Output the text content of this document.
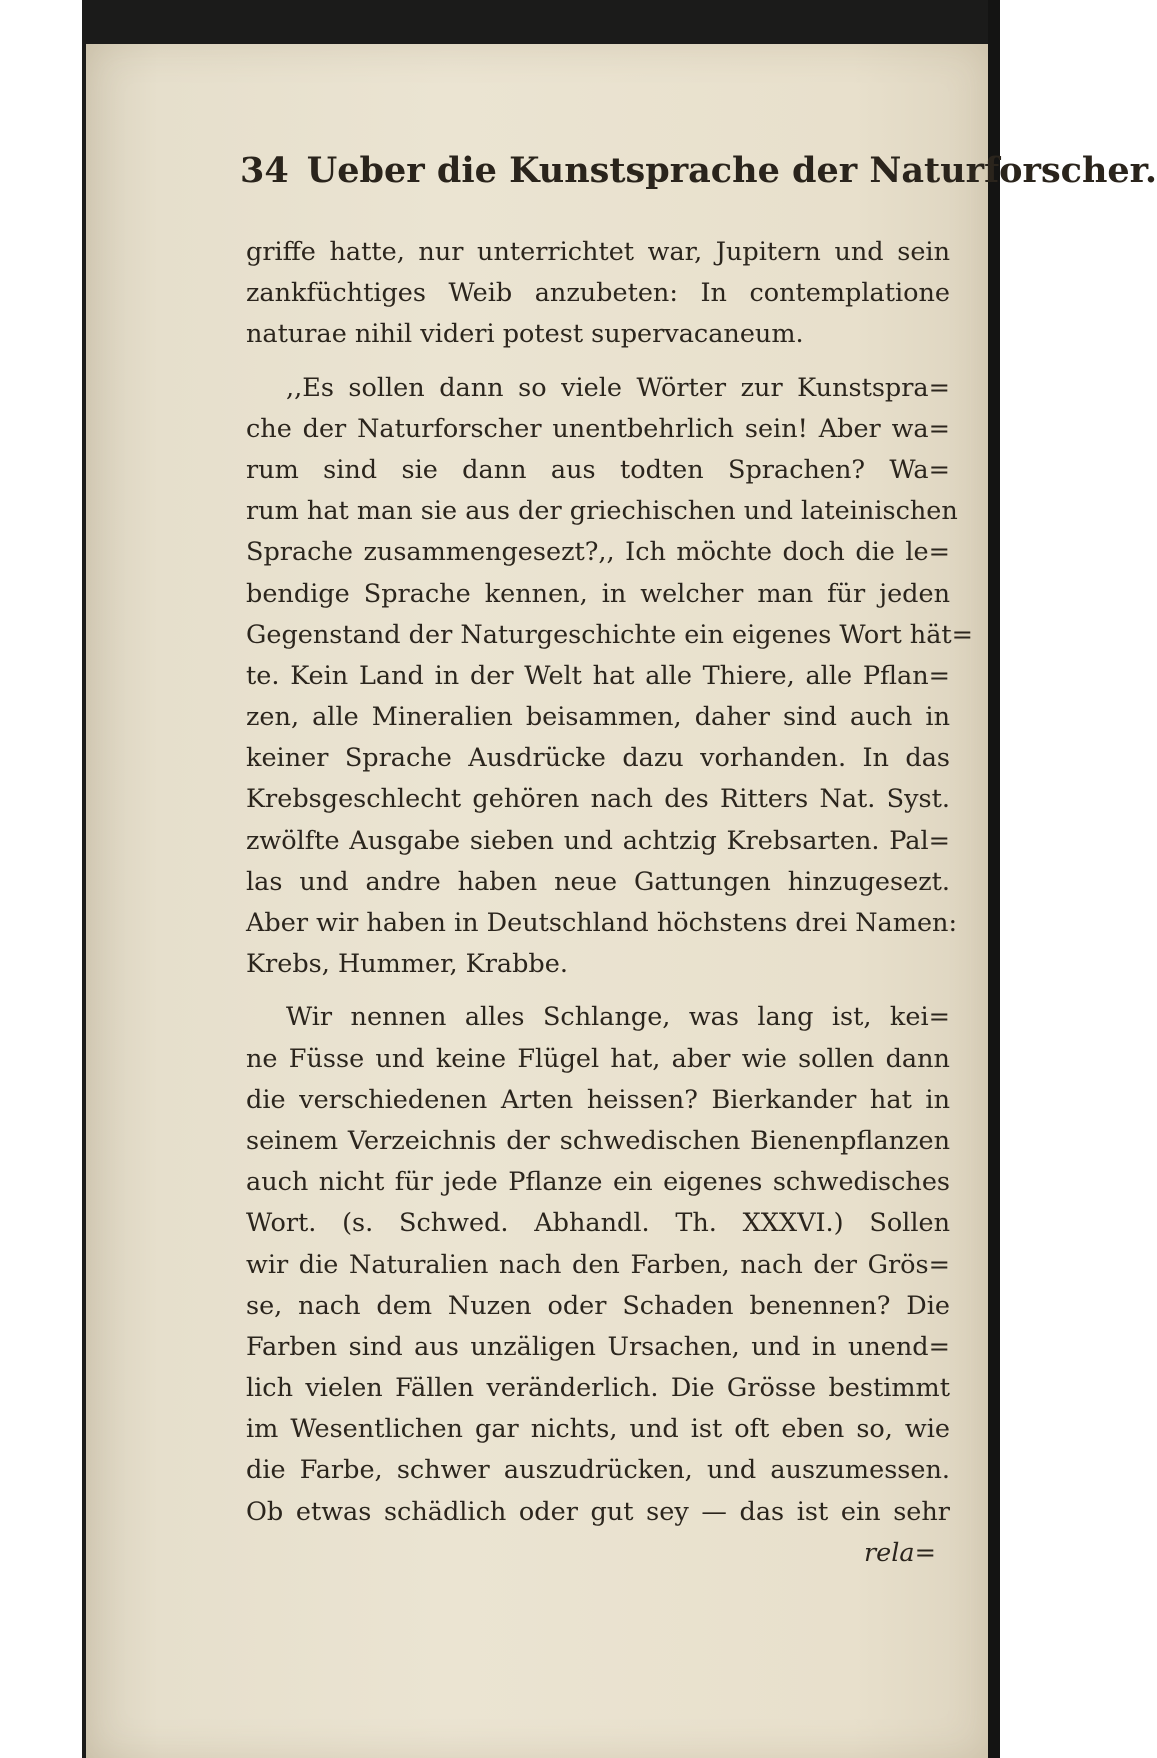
34 Ueber die Kunstsprache der Naturforscher.
griffe hatte, nur unterrichtet war, Jupitern und sein
zankfüchtiges Weib anzubeten: In contemplatione
naturae nihil videri potest supervacaneum.
,,Es sollen dann so viele Wörter zur Kunstspra=
che der Naturforscher unentbehrlich sein! Aber wa=
rum sind sie dann aus todten Sprachen? Wa=
rum hat man sie aus der griechischen und lateinischen
Sprache zusammengesezt?,, Ich möchte doch die le=
bendige Sprache kennen, in welcher man für jeden
Gegenstand der Naturgeschichte ein eigenes Wort hät=
te. Kein Land in der Welt hat alle Thiere, alle Pflan=
zen, alle Mineralien beisammen, daher sind auch in
keiner Sprache Ausdrücke dazu vorhanden. In das
Krebsgeschlecht gehören nach des Ritters Nat. Syst.
zwölfte Ausgabe sieben und achtzig Krebsarten. Pal=
las und andre haben neue Gattungen hinzugesezt.
Aber wir haben in Deutschland höchstens drei Namen:
Krebs, Hummer, Krabbe.
Wir nennen alles Schlange, was lang ist, kei=
ne Füsse und keine Flügel hat, aber wie sollen dann
die verschiedenen Arten heissen? Bierkander hat in
seinem Verzeichnis der schwedischen Bienenpflanzen
auch nicht für jede Pflanze ein eigenes schwedisches
Wort. (s. Schwed. Abhandl. Th. XXXVI.) Sollen
wir die Naturalien nach den Farben, nach der Grös=
se, nach dem Nuzen oder Schaden benennen? Die
Farben sind aus unzäligen Ursachen, und in unend=
lich vielen Fällen veränderlich. Die Grösse bestimmt
im Wesentlichen gar nichts, und ist oft eben so, wie
die Farbe, schwer auszudrücken, und auszumessen.
Ob etwas schädlich oder gut sey — das ist ein sehr
rela=
